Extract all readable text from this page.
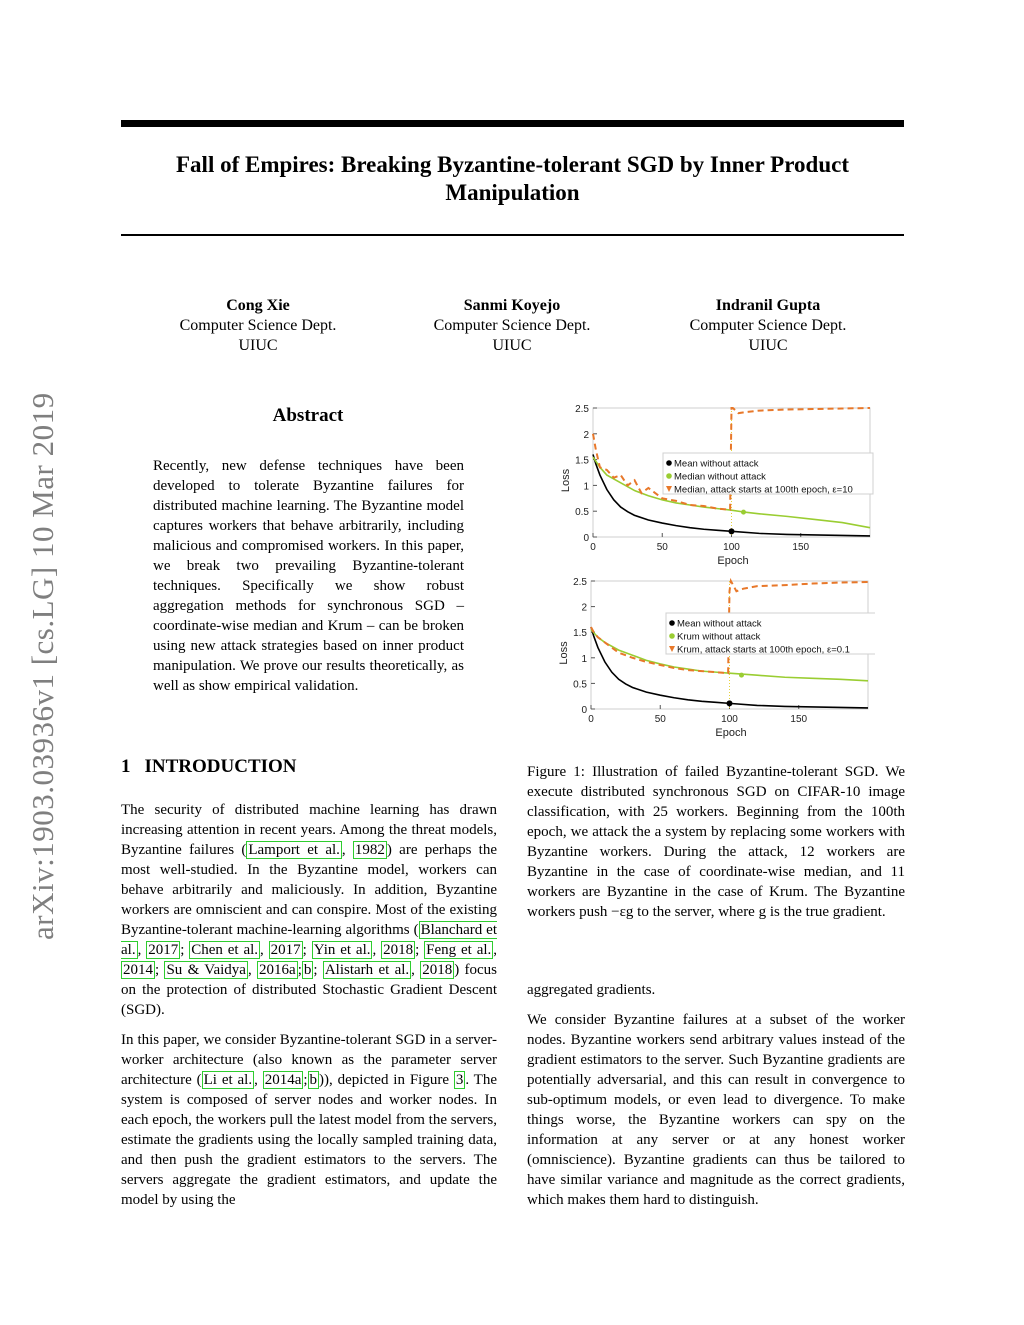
Fall of Empires: Breaking Byzantine-tolerant SGD by Inner Product Manipulation
Cong Xie
Computer Science Dept.
UIUC
Sanmi Koyejo
Computer Science Dept.
UIUC
Indranil Gupta
Computer Science Dept.
UIUC
arXiv:1903.03936v1 [cs.LG] 10 Mar 2019	Abstract
Recently, new defense techniques have been developed to tolerate Byzantine failures for distributed machine learning. The Byzantine model captures workers that behave arbitrarily, including malicious and compromised workers. In this paper, we break two prevailing Byzantine-tolerant techniques. Specifically we show robust aggregation methods for synchronous SGD – coordinate-wise median and Krum – can be broken using new attack strategies based on inner product manipulation. We prove our results theoretically, as well as show empirical validation.
1 INTRODUCTION
The security of distributed machine learning has drawn increasing attention in recent years. Among the threat models, Byzantine failures ( Lamport et al. , 1982 ) are perhaps the most well-studied. In the Byzantine model, workers can behave arbitrarily and maliciously. In addition, Byzantine workers are omniscient and can conspire. Most of the existing Byzantine-tolerant machine-learning algorithms ( Blanchard et al. , 2017 ; Chen et al. , 2017 ; Yin et al. , 2018 ; Feng et al. , 2014 ; Su & Vaidya , 2016a ; b ; Alistarh et al. , 2018 ) focus on the protection of distributed Stochastic Gradient Descent (SGD).
In this paper, we consider Byzantine-tolerant SGD in a server-worker architecture (also known as the parameter server architecture ( Li et al. , 2014a ; b )), depicted in Figure 3 . The system is composed of server nodes and worker nodes. In each epoch, the workers pull the latest model from the servers, estimate the gradients using the locally sampled training data, and then push the gradient estimators to the servers. The servers aggregate the gradient estimators, and update the model by using the
0
0.5
1
1.5
2
2.5
0	50	100	150
Epoch
Loss
Mean without attack
Median without attack
Median, attack starts at 100th epoch, ε=10
0
0.5
1
1.5
2
2.5
0	50	100	150
Epoch
Loss
Mean without attack
Krum without attack
Krum, attack starts at 100th epoch, ε=0.1
Figure 1: Illustration of failed Byzantine-tolerant SGD. We execute distributed synchronous SGD on CIFAR-10 image classification, with 25 workers. Beginning from the 100th epoch, we attack the a system by replacing some workers with Byzantine workers. During the attack, 12 workers are Byzantine in the case of coordinate-wise median, and 11 workers are Byzantine in the case of Krum. The Byzantine workers push −εg to the server, where g is the true gradient.
aggregated gradients.
We consider Byzantine failures at a subset of the worker nodes. Byzantine workers send arbitrary values instead of the gradient estimators to the server. Such Byzantine gradients are potentially adversarial, and this can result in convergence to sub-optimum models, or even lead to divergence. To make things worse, the Byzantine workers can spy on the information at any server or at any honest worker (omniscience). Byzantine gradients can thus be tailored to have similar variance and magnitude as the correct gradients, which makes them hard to distinguish.
